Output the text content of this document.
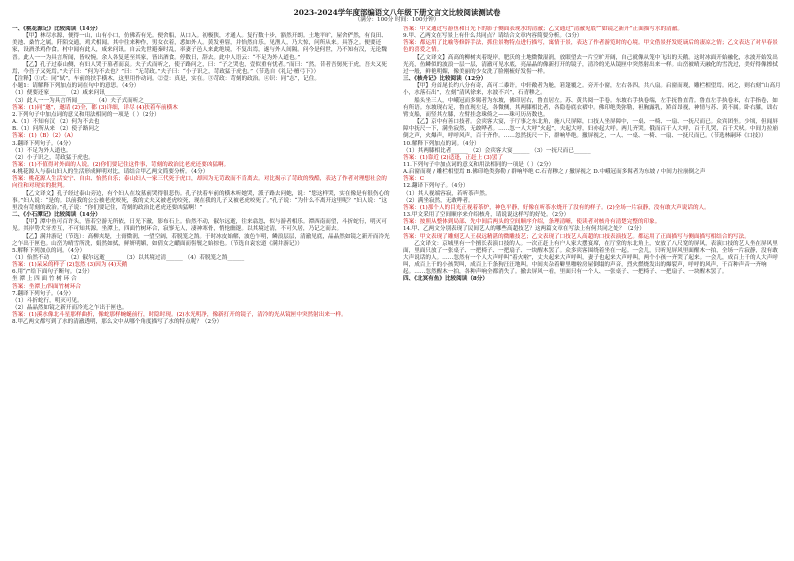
2023-2024学年度部编语文八年级下册文言文比较阅读测试卷
（满分：100分 时间：100分钟）

一、《桃花源记》比较阅读（14分）

【甲】林尽水源，便得一山，山有小口，仿佛若有光。便舍船，从口入。初极狭，才通人。复行数十步，豁然开朗。土地平旷，屋舍俨然，有良田、美池、桑竹之属。阡陌交通，鸡犬相闻。其中往来种作，男女衣着，悉如外人。黄发垂髫，并怡然自乐。见渔人，乃大惊，问所从来。具答之。便要还家，设酒杀鸡作食。村中闻有此人，咸来问讯。自云先世避秦时乱，率妻子邑人来此绝境，不复出焉，遂与外人间隔。问今是何世，乃不知有汉，无论魏晋。此人一一为具言所闻，皆叹惋。余人各复延至其家，皆出酒食。停数日，辞去。此中人语云：“不足为外人道也。”

【乙】孔子过泰山侧，有妇人哭于墓者而哀。夫子式而听之，使子路问之，曰：“子之哭也，壹似重有忧者。”而曰：“然。昔者吾舅死于虎，吾夫又死焉，今吾子又死焉。”夫子曰：“何为不去也？”曰：“无苛政。”夫子曰：“小子识之，苛政猛于虎也。”（节选自《礼记·檀弓下》）

【注释】①式：同“轼”，车前的扶手横木，这里用作动词。②壹：真是，实在。③苛政：苛刻的政治。④识：同“志”，记住。

小题1：请解释下列加点的词在句中的意思。（4分）

（1）便要还家______ （2）咸来问讯______

（3）此人一一为具言所闻______ （4）夫子式而听之______

答案：(1)同“邀”，邀请 (2)全，都 (3)详细，详尽 (4)扶着车前横木

2.下列句子中加点词的意义和用法相同的一项是（ ）（2分）

A.（1）不知有汉 （2）何为不去也

B.（1）问所从来 （2）使子路问之

答案：(1)（B）（2）（A）

3.翻译下列句子。（4分）

（1）不足为外人道也。

（2）小子识之，苛政猛于虎也。

答案：(1)不值得对外面的人说。(2)你们要记住这件事，苛刻的政治比老虎还要凶猛啊。

4.桃花源人与泰山妇人的生活形成鲜明对比，请结合甲乙两文简要分析。（4分）

答案：桃花源人生活安宁、自由、怡然自乐；泰山妇人一家三代死于虎口，却因为无苛政而不肯离去。对比揭示了苛政的残酷，表达了作者对理想社会的向往和对现实的批判。

【乙文译文】孔子经过泰山旁边，有个妇人在坟墓前哭得很悲伤。孔子扶着车前的横木听她哭，派子路去问她，说：“您这样哭，实在像是有很伤心的事。”妇人说：“是的。以前我的公公被老虎咬死，我的丈夫又被老虎咬死，现在我的儿子又被老虎咬死了。”孔子说：“为什么不离开这里呢？”妇人说：“这里没有苛刻的政治。”孔子说：“你们要记住，苛刻的政治比老虎还要凶猛啊！”

二、《小石潭记》比较阅读（14分）

【甲】潭中鱼可百许头，皆若空游无所依，日光下澈，影布石上。佁然不动，俶尔远逝，往来翕忽，似与游者相乐。潭西南而望，斗折蛇行，明灭可见。其岸势犬牙差互，不可知其源。坐潭上，四面竹树环合，寂寥无人，凄神寒骨，悄怆幽邃。以其境过清，不可久居，乃记之而去。

【乙】满井游记（节选）：高柳夹堤，土膏微润，一望空阔，若脱笼之鹄。于时冰皮始解，波色乍明，鳞浪层层，清澈见底，晶晶然如镜之新开而冷光之乍出于匣也。山峦为晴雪所洗，娟然如拭，鲜妍明媚，如倩女之靧面而髻鬟之始掠也。（节选自袁宏道《满井游记》）

5.解释下列加点的词。（4分）

（1）佁然不动______ （2）俶尔远逝______ （3）以其境过清______ （4）若脱笼之鹄______

答案：(1)呆呆的样子 (2)忽然 (3)因为 (4)天鹅

6.用“/”给下面句子断句。（2分）

坐 潭 上 四 面 竹 树 环 合

答案：坐潭上/四面竹树环合

7.翻译下列句子。（4分）

（1）斗折蛇行，明灭可见。

（2）晶晶然如镜之新开而冷光之乍出于匣也。

答案：(1)溪水像北斗星那样曲折，像蛇那样蜿蜒前行，时隐时现。(2)水光明净，像新打开的镜子，清冷的光从镜匣中突然射出来一样。

8.甲乙两文都写到了水的清澈透明，那么文中从哪个角度描写了水的特点呢？（2分）

答案：甲文通过写游鱼和日光下的影子侧面表现水的清澈；乙文通过“清澈见底”“如镜之新开”正面描写水的清澈。

9.甲、乙两文在写景上有什么共同点？请结合文章内容简要分析。（3分）

答案：都运用了比喻等修辞手法，抓住景物特点进行描写，寓情于景，表达了作者游览时的心境。甲文借景抒发贬谪后的凄凉之情；乙文表达了对早春景色的喜爱之情。

【乙文译文】高高的柳树夹着堤岸，肥沃的土地微微湿润，放眼望去一片空旷开阔，自己就像从笼中飞出的天鹅。这时冰面开始融化，水波开始发出光亮，鱼鳞似的波浪一层一层，清澈可见水底，亮晶晶的像新打开的镜子，清冷的光从镜匣中突然射出来一样。山峦被晴天融化的雪洗过，美好得像擦拭过一般，鲜艳明媚，像美丽的少女洗了脸刚梳好发髻一样。

三、《核舟记》比较阅读（12分）

【甲】舟首尾长约八分有奇，高可二黍许。中轩敞者为舱，箬篷覆之。旁开小窗，左右各四，共八扇。启窗而观，雕栏相望焉。闭之，则右刻“山高月小，水落石出”，左刻“清风徐来，水波不兴”，石青糁之。

船头坐三人，中峨冠而多髯者为东坡，佛印居右，鲁直居左。苏、黄共阅一手卷。东坡右手执卷端，左手抚鲁直背。鲁直左手执卷末，右手指卷，如有所语。东坡现右足，鲁直现左足，各微侧，其两膝相比者，各隐卷底衣褶中。佛印绝类弥勒，袒胸露乳，矫首昂视，神情与苏、黄不属。卧右膝，诎右臂支船，而竖其左膝，左臂挂念珠倚之——珠可历历数也。

【乙】京中有善口技者。会宾客大宴，于厅事之东北角，施八尺屏障，口技人坐屏障中，一桌、一椅、一扇、一抚尺而已。众宾团坐。少顷，但闻屏障中抚尺一下，满坐寂然，无敢哗者。……忽一人大呼“火起”，夫起大呼，妇亦起大呼。两儿齐哭。俄而百千人大呼，百千儿哭，百千犬吠。中间力拉崩倒之声，火爆声，呼呼风声，百千齐作。……忽然抚尺一下，群响毕绝。撤屏视之，一人、一桌、一椅、一扇、一抚尺而已。（节选林嗣环《口技》）

10.解释下列加点的词。（4分）

（1）其两膝相比者______ （2）会宾客大宴______ （3）一抚尺而已______

答案：(1)靠近 (2)适逢，正赶上 (3)罢了

11.下列句子中加点词的意义和用法相同的一项是（ ）（2分）

A.启窗而观 / 雕栏相望焉 B.佛印绝类弥勒 / 群响毕绝 C.石青糁之 / 撤屏视之 D.中峨冠而多髯者为东坡 / 中间力拉崩倒之声

答案：C

12.翻译下列句子。（4分）

（1）其人视端容寂，若听茶声然。

（2）满坐寂然，无敢哗者。

答案：(1)那个人的目光正视着茶炉，神色平静，好像在听茶水烧开了没有的样子。(2)全场一片寂静，没有敢大声说话的人。

13.甲文采用了空间顺序来介绍核舟，请说说这样写的好处。（2分）

答案：按照从整体到局部、先中间后两头的空间顺序介绍，条理清晰，使读者对核舟有清楚完整的印象。

14.甲、乙两文分别表现了民间艺人的哪些高超技艺？这两篇文章在写法上有何共同之处？（2分）

答案：甲文表现了雕刻艺人王叔远精湛的微雕技艺；乙文表现了口技艺人高超的口技表演技艺。都运用了正面描写与侧面描写相结合的写法。

乙文译文：京城里有一个擅长表演口技的人。一次正赶上有户人家大摆宴席，在厅堂的东北角上，安放了八尺宽的屏风，表演口技的艺人坐在屏风里面，里面只放了一张桌子、一把椅子、一把扇子、一块醒木罢了。众多宾客围绕着坐在一起。一会儿，只听见屏风里面醒木一拍，全场一片寂静，没有敢大声说话的人。……忽然有一个人大声呼叫“着火啦”，丈夫起来大声呼叫，妻子也起来大声呼叫，两个小孩一齐哭了起来。一会儿，成百上千的人大声呼叫，成百上千的小孩哭叫，成百上千条狗汪汪地叫。中间夹杂着噼里啪啦房屋倒塌的声音，烈火燃烧发出的爆裂声，呼呼的风声，千百种声音一齐响起。……忽然醒木一拍，各种声响全都消失了。撤去屏风一看，里面只有一个人、一张桌子、一把椅子、一把扇子、一块醒木罢了。

四、《北冥有鱼》比较阅读（8分）
